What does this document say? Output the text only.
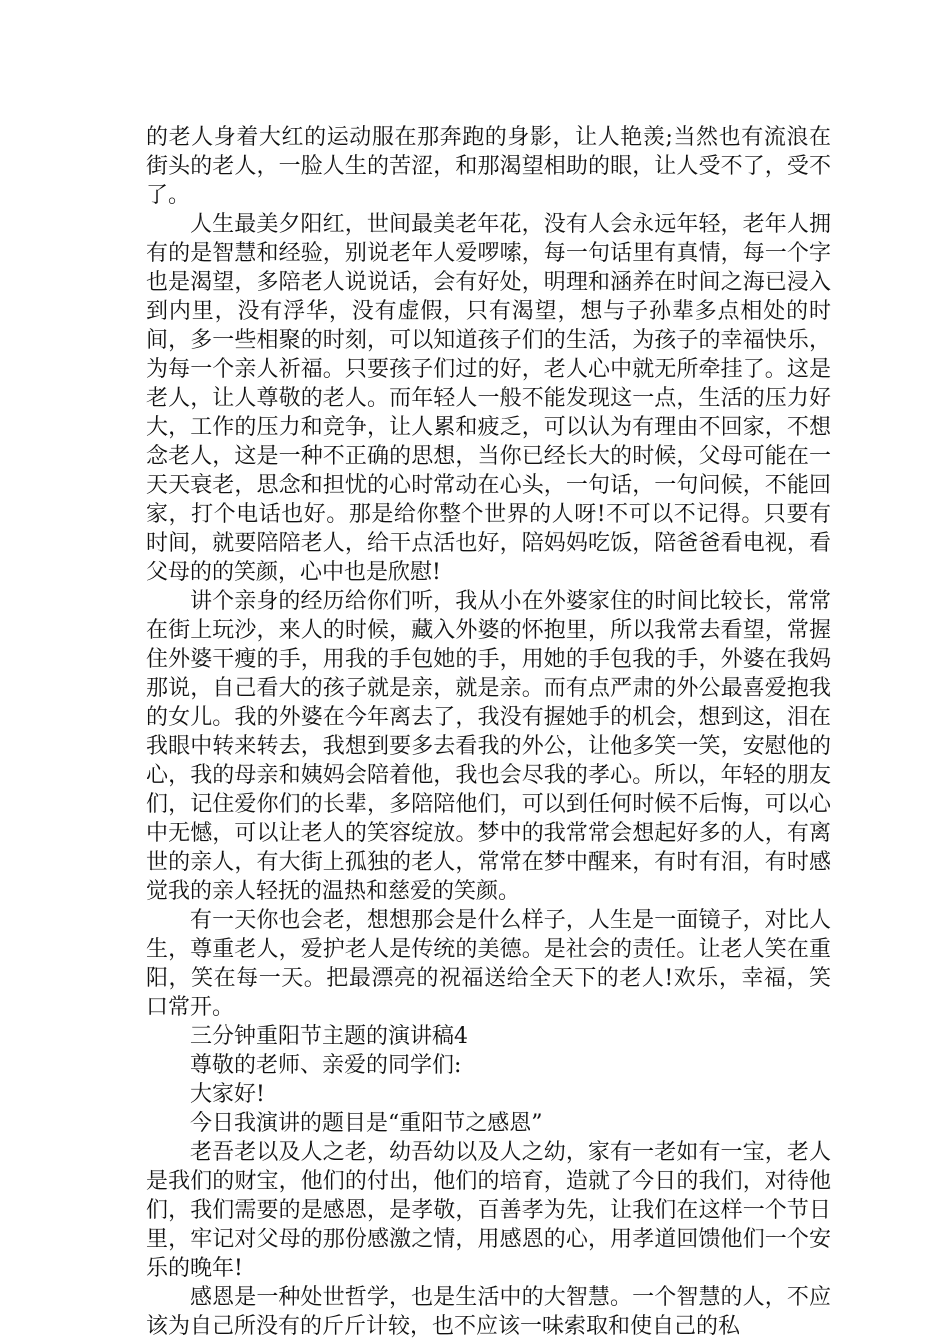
的老人身着大红的运动服在那奔跑的身影，让人艳羡;当然也有流浪在街头的老人，一脸人生的苦涩，和那渴望相助的眼，让人受不了，受不了。

人生最美夕阳红，世间最美老年花，没有人会永远年轻，老年人拥有的是智慧和经验，别说老年人爱啰嗦，每一句话里有真情，每一个字也是渴望，多陪老人说说话，会有好处，明理和涵养在时间之海已浸入到内里，没有浮华，没有虚假，只有渴望，想与子孙辈多点相处的时间，多一些相聚的时刻，可以知道孩子们的生活，为孩子的幸福快乐，为每一个亲人祈福。只要孩子们过的好，老人心中就无所牵挂了。这是老人，让人尊敬的老人。而年轻人一般不能发现这一点，生活的压力好大，工作的压力和竞争，让人累和疲乏，可以认为有理由不回家，不想念老人，这是一种不正确的思想，当你已经长大的时候，父母可能在一天天衰老，思念和担忧的心时常动在心头，一句话，一句问候，不能回家，打个电话也好。那是给你整个世界的人呀!不可以不记得。只要有时间，就要陪陪老人，给干点活也好，陪妈妈吃饭，陪爸爸看电视，看父母的的笑颜，心中也是欣慰!

讲个亲身的经历给你们听，我从小在外婆家住的时间比较长，常常在街上玩沙，来人的时候，藏入外婆的怀抱里，所以我常去看望，常握住外婆干瘦的手，用我的手包她的手，用她的手包我的手，外婆在我妈那说，自己看大的孩子就是亲，就是亲。而有点严肃的外公最喜爱抱我的女儿。我的外婆在今年离去了，我没有握她手的机会，想到这，泪在我眼中转来转去，我想到要多去看我的外公，让他多笑一笑，安慰他的心，我的母亲和姨妈会陪着他，我也会尽我的孝心。所以，年轻的朋友们，记住爱你们的长辈，多陪陪他们，可以到任何时候不后悔，可以心中无憾，可以让老人的笑容绽放。梦中的我常常会想起好多的人，有离世的亲人，有大街上孤独的老人，常常在梦中醒来，有时有泪，有时感觉我的亲人轻抚的温热和慈爱的笑颜。

有一天你也会老，想想那会是什么样子，人生是一面镜子，对比人生，尊重老人，爱护老人是传统的美德。是社会的责任。让老人笑在重阳，笑在每一天。把最漂亮的祝福送给全天下的老人!欢乐，幸福，笑口常开。

三分钟重阳节主题的演讲稿4

尊敬的老师、亲爱的同学们:

大家好!

今日我演讲的题目是“重阳节之感恩”

老吾老以及人之老，幼吾幼以及人之幼，家有一老如有一宝，老人是我们的财宝，他们的付出，他们的培育，造就了今日的我们，对待他们，我们需要的是感恩，是孝敬，百善孝为先，让我们在这样一个节日里，牢记对父母的那份感激之情，用感恩的心，用孝道回馈他们一个安乐的晚年!

感恩是一种处世哲学，也是生活中的大智慧。一个智慧的人，不应该为自己所没有的斤斤计较，也不应该一味索取和使自己的私
